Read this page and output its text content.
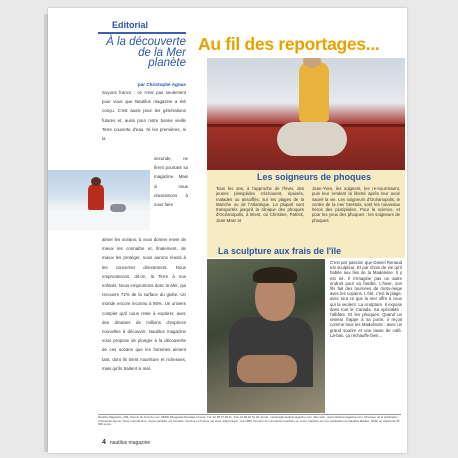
Editorial
À la découverte de la Mer planète
par Christophe Agnus
Soyons francs : ce n'est pas seulement pour vous que Nautilus magazine a été conçu. C'est aussi pour les générations futures et, aussi pour notre bonne vieille Terre couverte d'eau. Ni les premières, ni la
seconde, ne firent pourtant sa magazine. Mais si nous réussissons à vous faire
aimer les océans, à vous donner envie de mieux les connaître et, finalement, de mieux les protéger, nous aurons réussi à les concerner directement. Nous emprunterons, dit-on, la Terre à nos enfants. Nous empruntons donc la Mer, qui recouvre 72% de la surface du globe. Un monde encore inconnu à 95%. Un univers complet qu'il nous reste à explorer, avec des dizaines de millions d'espèces nouvelles à découvrir. Nautilus magazine vous propose de plonger à la découverte de ces océans que les hommes aiment tant, dont ils tirent nourriture et richesses, mais qu'ils traitent si mal.
Au fil des reportages...
Les soigneurs de phoques
Tous les ans, à l'approche de l'hiver, des jeunes pinnipèdes s'échouent, épuisés, malades ou assoiffés, sur les plages de la Manche ou de l'Atlantique. La plupart sont transportés jusqu'à la clinique des phoques d'Océanopolis, à Brest, où Christine, Patrick, Jean-Marc et
Jean-Yves, les soignent, les re-nourrissent, puis leur rendent la liberté après leur avoir sauvé la vie. Les soigneurs d'Océanopolis, le centre de la mer brestois, sont les nouveaux héros des pinnipèdes. Pour la science, et pour les yeux des phoques : les soigneurs de phoques.
La sculpture aux frais de l'île
C'est par passion que Daniel Renaud est sculpteur. Et par choix de vie qu'il habite aux îles de la Madeleine. Il y est né. Il n'imagine pas un autre endroit pour sa famille. L'hiver, son fils fait des tournées de moto-neige avec les copains. L'été, c'est la plage, avec tout ce que la mer offre à ceux qui la veulent. La sculpture. Il expose dans tout le Canada. Sa spécialité : l'albâtre. Et les phoques. Quand un visiteur frappe à sa porte, il reçoit comme tous les Madelinots : avec un grand sourire et une tasse de café. Là-bas, ça réchauffe bien...
Nautilus Magazine, 209, chemin du bord de mer, 29000 Plougastel-Daoulas, France. Tél. 02 98 37 28 11 ; Fax 02 98 40 51 20. Email : nautilus@nautilusmagazine.com. Site web : www.nautilusmagazine.com. Directeur de la publication : Christophe Agnus. Toute reproduction, même partielle, est interdite. Imprimé en France par Aviel. Dépôt légal : mai 2000. Numéro de commission paritaire en cours. Nautilus est une publication de Nautilus Médias, SARL au capital de 50 000 euros.
4 nautilus magazine
